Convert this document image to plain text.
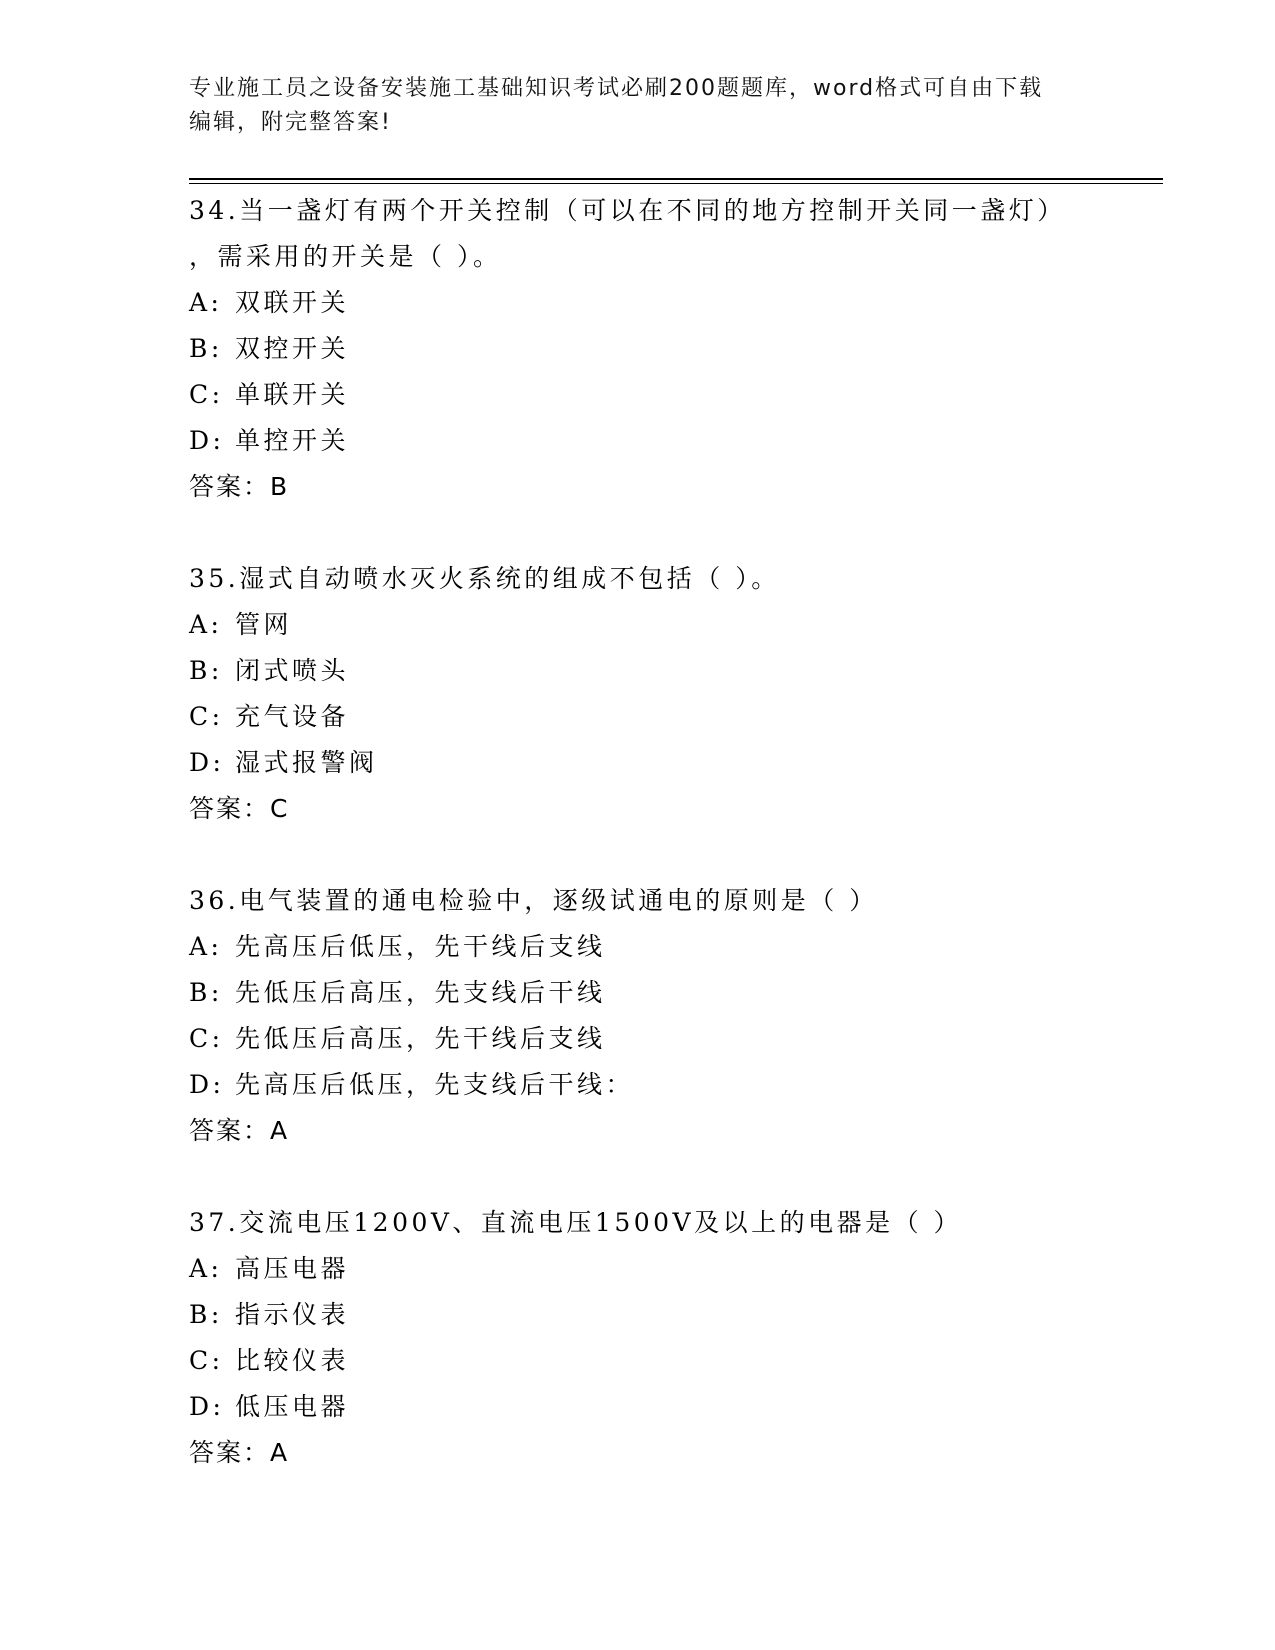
专业施工员之设备安装施工基础知识考试必刷200题题库，word格式可自由下载
编辑，附完整答案!
34.当一盏灯有两个开关控制（可以在不同的地方控制开关同一盏灯）
，需采用的开关是（ ）。
A: 双联开关
B: 双控开关
C: 单联开关
D: 单控开关
答案：B
35.湿式自动喷水灭火系统的组成不包括（ ）。
A: 管网
B: 闭式喷头
C: 充气设备
D: 湿式报警阀
答案：C
36.电气装置的通电检验中，逐级试通电的原则是（ ）
A: 先高压后低压，先干线后支线
B: 先低压后高压，先支线后干线
C: 先低压后高压，先干线后支线
D: 先高压后低压，先支线后干线：
答案：A
37.交流电压1200V、直流电压1500V及以上的电器是（ ）
A: 高压电器
B: 指示仪表
C: 比较仪表
D: 低压电器
答案：A
